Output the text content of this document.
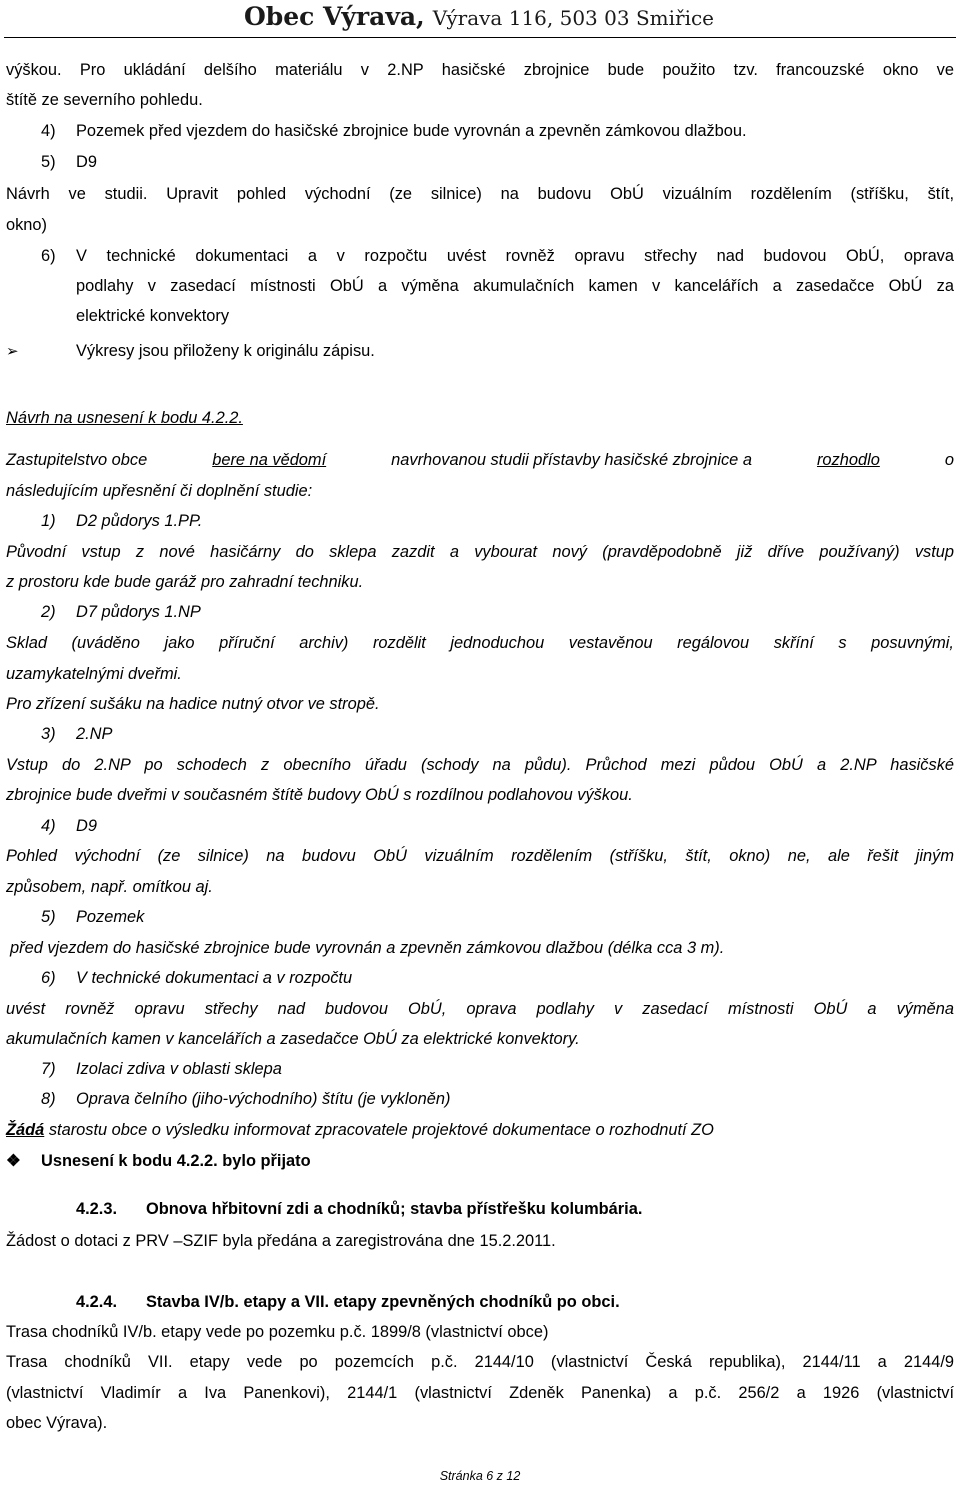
Obec Výrava, Výrava 116, 503 03 Smiřice
výškou. Pro ukládání delšího materiálu v 2.NP hasičské zbrojnice bude použito tzv. francouzské okno ve
štítě ze severního pohledu.
4) Pozemek před vjezdem do hasičské zbrojnice bude vyrovnán a zpevněn zámkovou dlažbou.
5) D9
Návrh ve studii. Upravit pohled východní (ze silnice) na budovu ObÚ vizuálním rozdělením (stříšku, štít,
okno)
6) V technické dokumentaci a v rozpočtu uvést rovněž opravu střechy nad budovou ObÚ, oprava
podlahy v zasedací místnosti ObÚ a výměna akumulačních kamen v kancelářích a zasedačce ObÚ za
elektrické konvektory
➢	Výkresy jsou přiloženy k originálu zápisu.
Návrh na usnesení k bodu 4.2.2.
Zastupitelstvo obce	bere na vědomí	navrhovanou studii přístavby hasičské zbrojnice a	rozhodlo	o
následujícím upřesnění či doplnění studie:
1) D2 půdorys 1.PP.
Původní vstup z nové hasičárny do sklepa zazdit a vybourat nový (pravděpodobně již dříve používaný) vstup
z prostoru kde bude garáž pro zahradní techniku.
2) D7 půdorys 1.NP
Sklad (uváděno jako příruční archiv) rozdělit jednoduchou vestavěnou regálovou skříní s posuvnými,
uzamykatelnými dveřmi.
Pro zřízení sušáku na hadice nutný otvor ve stropě.
3) 2.NP
Vstup do 2.NP po schodech z obecního úřadu (schody na půdu). Průchod mezi půdou ObÚ a 2.NP hasičské
zbrojnice bude dveřmi v současném štítě budovy ObÚ s rozdílnou podlahovou výškou.
4) D9
Pohled východní (ze silnice) na budovu ObÚ vizuálním rozdělením (stříšku, štít, okno) ne, ale řešit jiným
způsobem, např. omítkou aj.
5) Pozemek
před vjezdem do hasičské zbrojnice bude vyrovnán a zpevněn zámkovou dlažbou (délka cca 3 m).
6) V technické dokumentaci a v rozpočtu
uvést rovněž opravu střechy nad budovou ObÚ, oprava podlahy v zasedací místnosti ObÚ a výměna
akumulačních kamen v kancelářích a zasedačce ObÚ za elektrické konvektory.
7) Izolaci zdiva v oblasti sklepa
8) Oprava čelního (jiho-východního) štítu (je vykloněn)
Žádá starostu obce o výsledku informovat zpracovatele projektové dokumentace o rozhodnutí ZO
❖ Usnesení k bodu 4.2.2. bylo přijato
4.2.3. Obnova hřbitovní zdi a chodníků; stavba přístřešku kolumbária.
Žádost o dotaci z PRV –SZIF byla předána a zaregistrována dne 15.2.2011.
4.2.4. Stavba IV/b. etapy a VII. etapy zpevněných chodníků po obci.
Trasa chodníků IV/b. etapy vede po pozemku p.č. 1899/8 (vlastnictví obce)
Trasa chodníků VII. etapy vede po pozemcích p.č. 2144/10 (vlastnictví Česká republika), 2144/11 a 2144/9
(vlastnictví Vladimír a Iva Panenkovi), 2144/1 (vlastnictví Zdeněk Panenka) a p.č. 256/2 a 1926 (vlastnictví
obec Výrava).
Stránka 6 z 12
